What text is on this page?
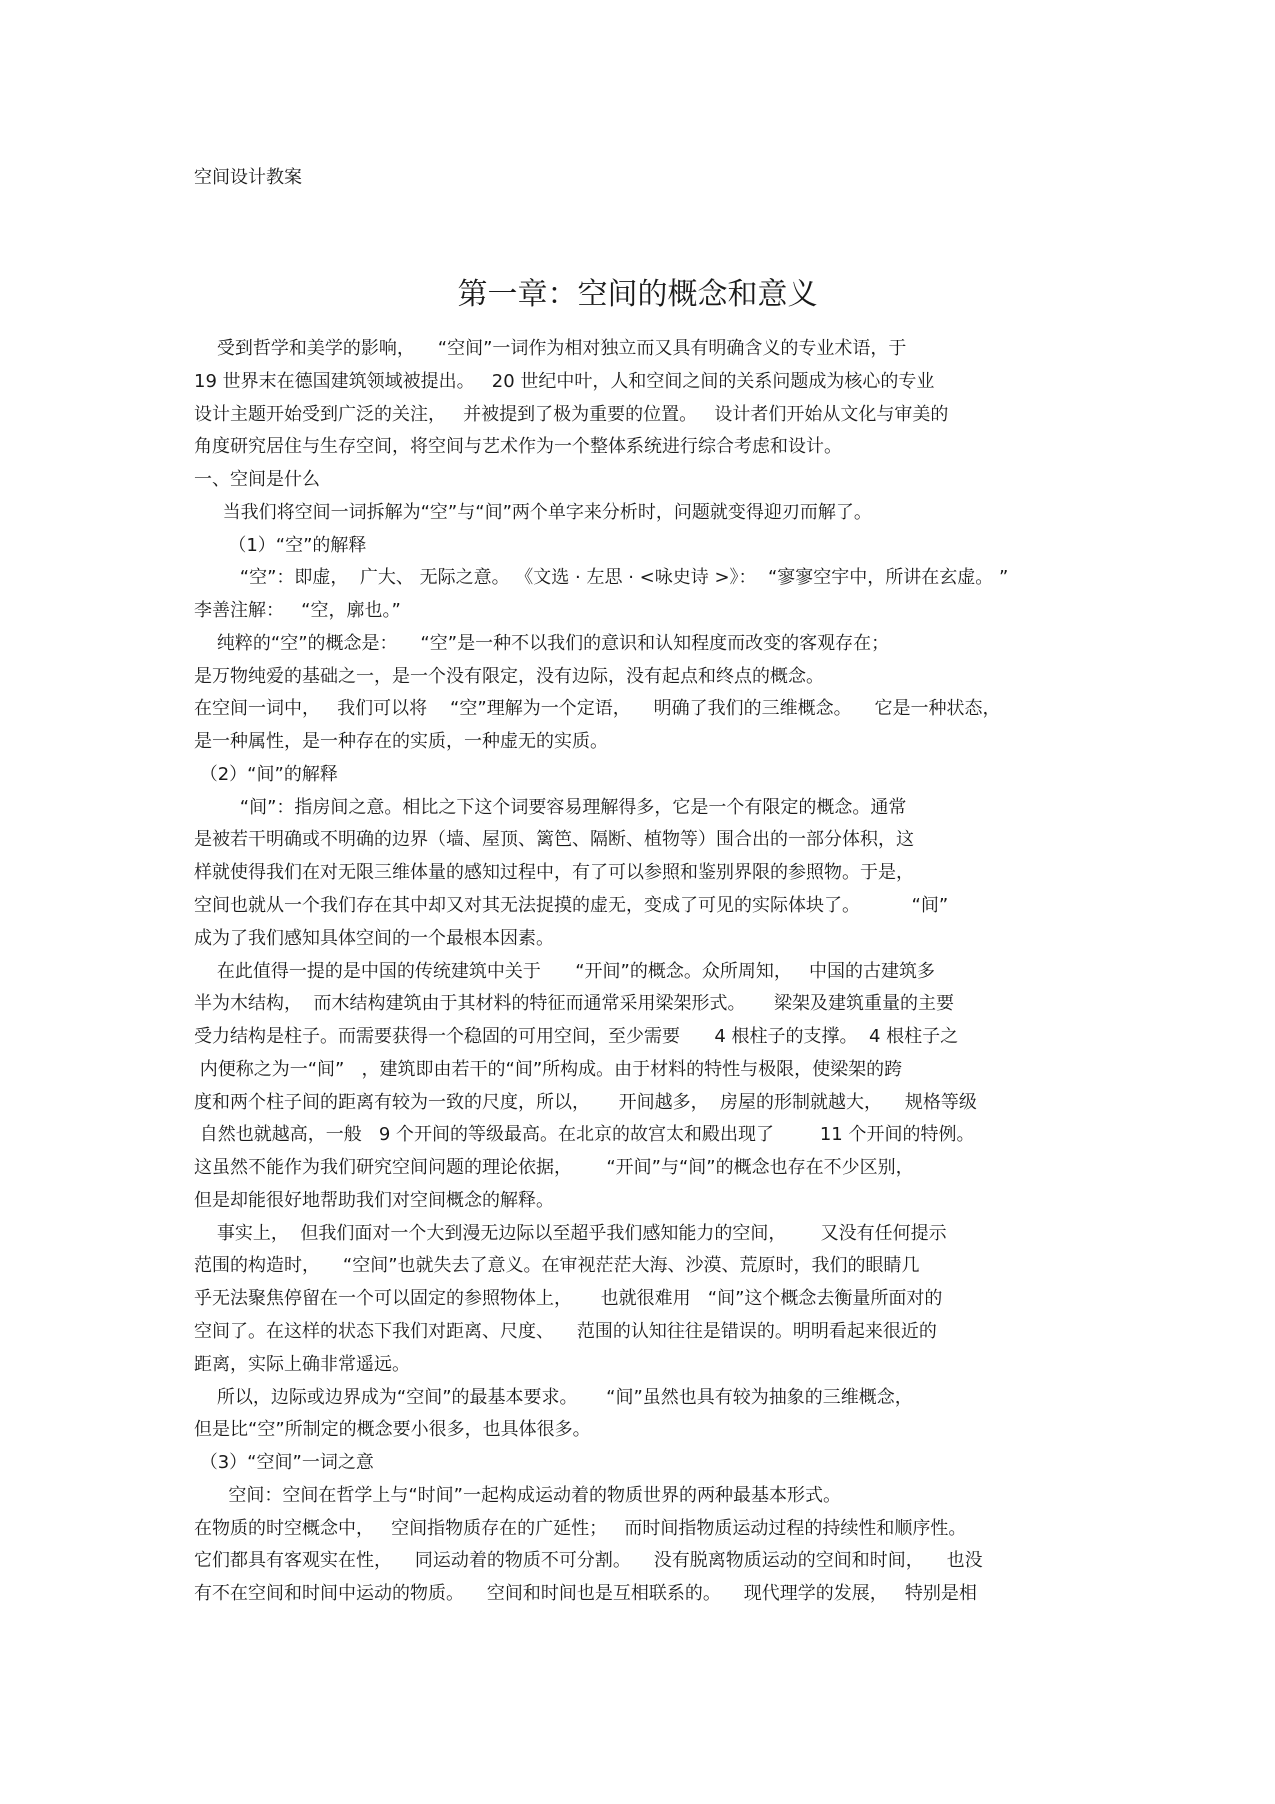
空间设计教案
第一章：空间的概念和意义
受到哲学和美学的影响，    “空间”一词作为相对独立而又具有明确含义的专业术语，于
19 世界末在德国建筑领域被提出。   20 世纪中叶，人和空间之间的关系问题成为核心的专业
设计主题开始受到广泛的关注，   并被提到了极为重要的位置。   设计者们开始从文化与审美的
角度研究居住与生存空间，将空间与艺术作为一个整体系统进行综合考虑和设计。
一、空间是什么
当我们将空间一词拆解为“空”与“间”两个单字来分析时，问题就变得迎刃而解了。
（1）“空”的解释
“空”：即虚，  广大、 无际之意。 《文选 · 左思 · <咏史诗 >》：  “寥寥空宇中，所讲在玄虚。 ”
李善注解：   “空，廓也。”
纯粹的“空”的概念是：    “空”是一种不以我们的意识和认知程度而改变的客观存在；
是万物纯爱的基础之一，是一个没有限定，没有边际，没有起点和终点的概念。
在空间一词中，   我们可以将    “空”理解为一个定语，    明确了我们的三维概念。    它是一种状态，
是一种属性，是一种存在的实质，一种虚无的实质。
（2）“间”的解释
“间”：指房间之意。相比之下这个词要容易理解得多，它是一个有限定的概念。通常
是被若干明确或不明确的边界（墙、屋顶、篱笆、隔断、植物等）围合出的一部分体积，这
样就使得我们在对无限三维体量的感知过程中，有了可以参照和鉴别界限的参照物。于是，
空间也就从一个我们存在其中却又对其无法捉摸的虚无，变成了可见的实际体块了。         “间”
成为了我们感知具体空间的一个最根本因素。
在此值得一提的是中国的传统建筑中关于      “开间”的概念。众所周知，   中国的古建筑多
半为木结构，  而木结构建筑由于其材料的特征而通常采用梁架形式。     梁架及建筑重量的主要
受力结构是柱子。而需要获得一个稳固的可用空间，至少需要      4 根柱子的支撑。  4 根柱子之
内便称之为一“间”   ，建筑即由若干的“间”所构成。由于材料的特性与极限，使梁架的跨
度和两个柱子间的距离有较为一致的尺度，所以，     开间越多，  房屋的形制就越大，    规格等级
自然也就越高，一般   9 个开间的等级最高。在北京的故宫太和殿出现了        11 个开间的特例。
这虽然不能作为我们研究空间问题的理论依据，      “开间”与“间”的概念也存在不少区别，
但是却能很好地帮助我们对空间概念的解释。
事实上，  但我们面对一个大到漫无边际以至超乎我们感知能力的空间，      又没有任何提示
范围的构造时，    “空间”也就失去了意义。在审视茫茫大海、沙漠、荒原时，我们的眼睛几
乎无法聚焦停留在一个可以固定的参照物体上，     也就很难用   “间”这个概念去衡量所面对的
空间了。在这样的状态下我们对距离、尺度、    范围的认知往往是错误的。明明看起来很近的
距离，实际上确非常遥远。
所以，边际或边界成为“空间”的最基本要求。     “间”虽然也具有较为抽象的三维概念，
但是比“空”所制定的概念要小很多，也具体很多。
（3）“空间”一词之意
空间：空间在哲学上与“时间”一起构成运动着的物质世界的两种最基本形式。
在物质的时空概念中，   空间指物质存在的广延性；   而时间指物质运动过程的持续性和顺序性。
它们都具有客观实在性，    同运动着的物质不可分割。    没有脱离物质运动的空间和时间，    也没
有不在空间和时间中运动的物质。    空间和时间也是互相联系的。    现代理学的发展，   特别是相
